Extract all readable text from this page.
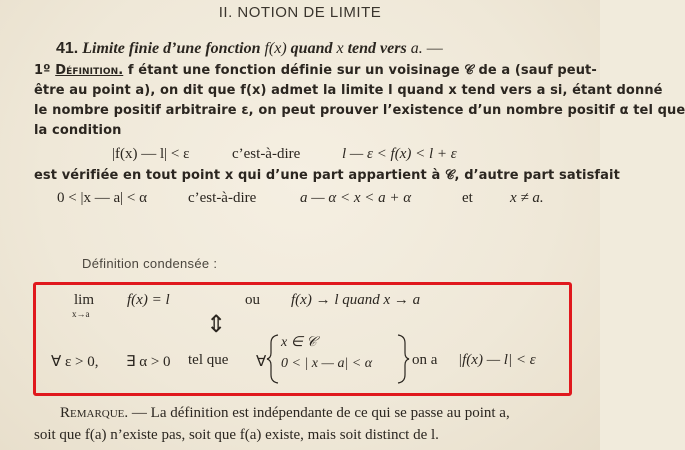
II. NOTION DE LIMITE
41. Limite finie d’une fonction f(x) quand x tend vers a. —
1º Définition. f étant une fonction définie sur un voisinage 𝒞 de a (sauf peut-
être au point a), on dit que f(x) admet la limite l quand x tend vers a si, étant donné
le nombre positif arbitraire ε, on peut prouver l’existence d’un nombre positif α tel que
la condition
|f(x) — l| < ε	c’est-à-dire	l — ε < f(x) < l + ε
est vérifiée en tout point x qui d’une part appartient à 𝒞, d’autre part satisfait
0 < |x — a| < α	c’est-à-dire	a — α < x < a + α	et x ≠ a.
Définition condensée :
lim
x→a
f(x) = l	ou f(x) → l quand x → a
⇕
∀ ε > 0, ∃ α > 0 tel que ∀
x ∈ 𝒞
0 < | x — a| < α	on a |f(x) — l| < ε
Remarque. — La définition est indépendante de ce qui se passe au point a,
soit que f(a) n’existe pas, soit que f(a) existe, mais soit distinct de l.
